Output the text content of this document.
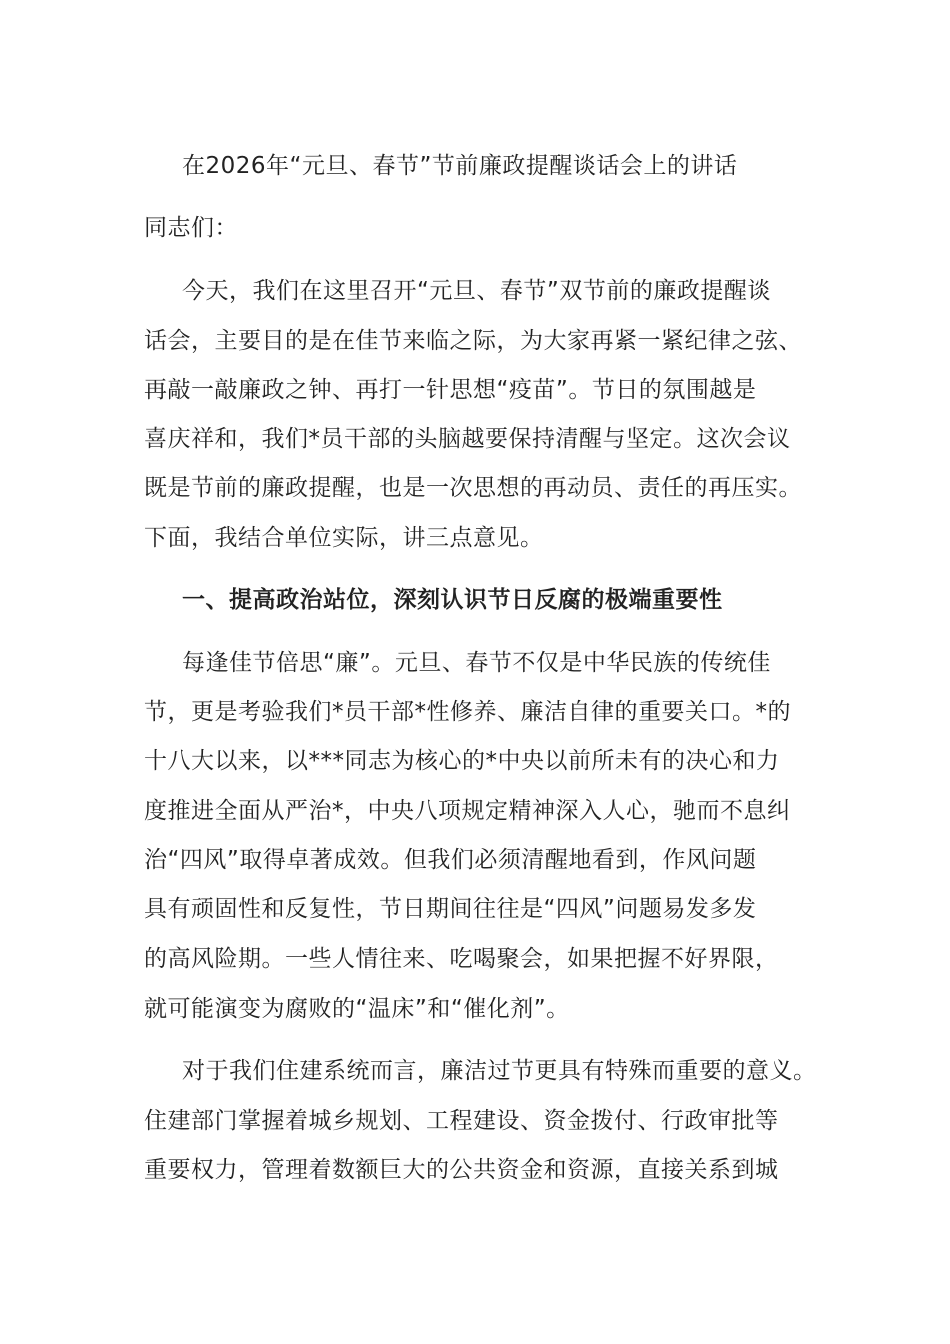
在2026年“元旦、春节”节前廉政提醒谈话会上的讲话
同志们：
今天，我们在这里召开“元旦、春节”双节前的廉政提醒谈
话会，主要目的是在佳节来临之际，为大家再紧一紧纪律之弦、
再敲一敲廉政之钟、再打一针思想“疫苗”。节日的氛围越是
喜庆祥和，我们*员干部的头脑越要保持清醒与坚定。这次会议
既是节前的廉政提醒，也是一次思想的再动员、责任的再压实。
下面，我结合单位实际，讲三点意见。
一、提高政治站位，深刻认识节日反腐的极端重要性
每逢佳节倍思“廉”。元旦、春节不仅是中华民族的传统佳
节，更是考验我们*员干部*性修养、廉洁自律的重要关口。*的
十八大以来，以***同志为核心的*中央以前所未有的决心和力
度推进全面从严治*，中央八项规定精神深入人心，驰而不息纠
治“四风”取得卓著成效。但我们必须清醒地看到，作风问题
具有顽固性和反复性，节日期间往往是“四风”问题易发多发
的高风险期。一些人情往来、吃喝聚会，如果把握不好界限，
就可能演变为腐败的“温床”和“催化剂”。
对于我们住建系统而言，廉洁过节更具有特殊而重要的意义。
住建部门掌握着城乡规划、工程建设、资金拨付、行政审批等
重要权力，管理着数额巨大的公共资金和资源，直接关系到城
